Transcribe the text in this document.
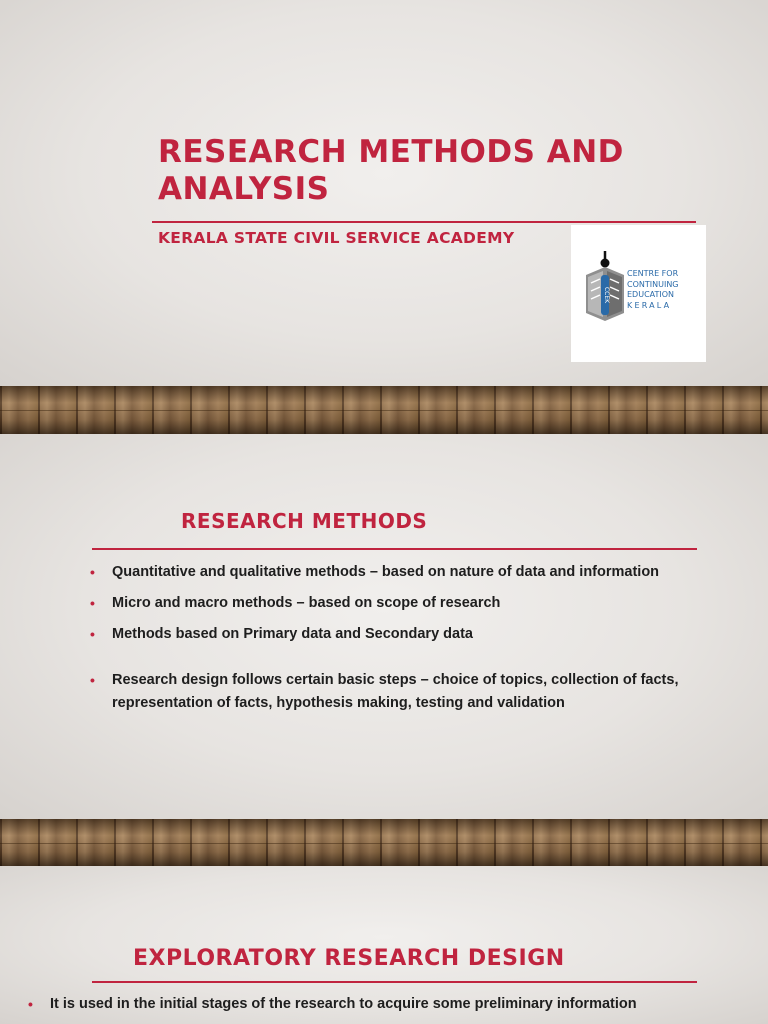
RESEARCH METHODS AND ANALYSIS
KERALA STATE CIVIL SERVICE ACADEMY
CCEK
CENTRE FOR
CONTINUING
EDUCATION
KERALA
RESEARCH METHODS
• Quantitative and qualitative methods – based on nature of data and information
• Micro and macro methods – based on scope of research
• Methods based on Primary data and Secondary data
• Research design follows certain basic steps – choice of topics, collection of facts,
representation of facts, hypothesis making, testing and validation
EXPLORATORY RESEARCH DESIGN
• It is used in the initial stages of the research to acquire some preliminary information
